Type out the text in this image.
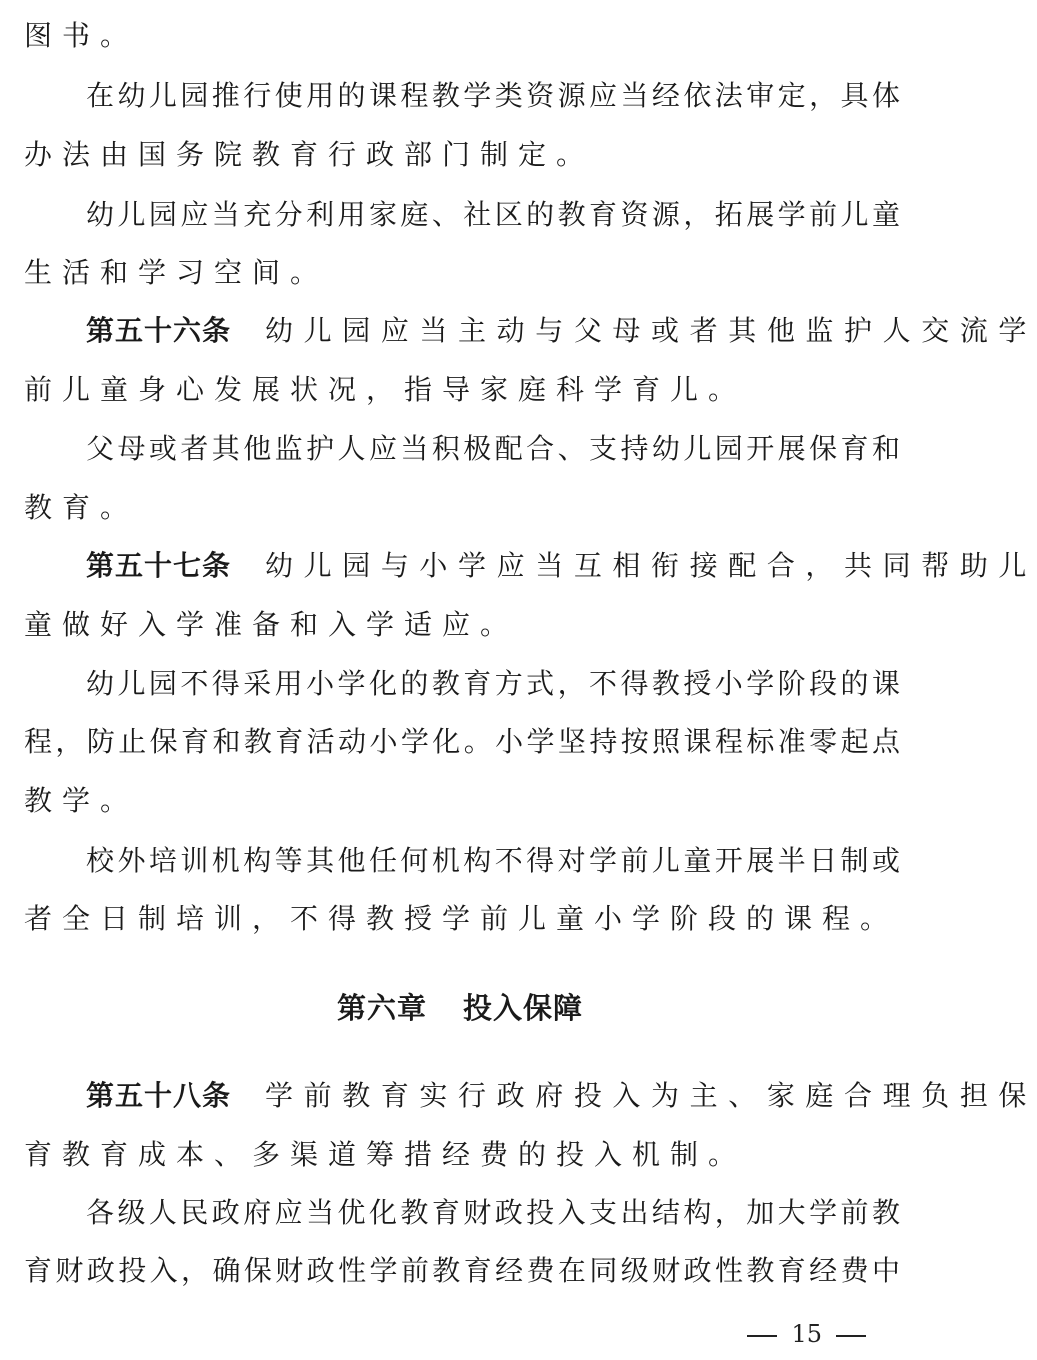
图书。
在幼儿园推行使用的课程教学类资源应当经依法审定，具体
办法由国务院教育行政部门制定。
幼儿园应当充分利用家庭、社区的教育资源，拓展学前儿童
生活和学习空间。
第五十六条 幼儿园应当主动与父母或者其他监护人交流学
前儿童身心发展状况，指导家庭科学育儿。
父母或者其他监护人应当积极配合、支持幼儿园开展保育和
教育。
第五十七条 幼儿园与小学应当互相衔接配合，共同帮助儿
童做好入学准备和入学适应。
幼儿园不得采用小学化的教育方式，不得教授小学阶段的课
程，防止保育和教育活动小学化。小学坚持按照课程标准零起点
教学。
校外培训机构等其他任何机构不得对学前儿童开展半日制或
者全日制培训，不得教授学前儿童小学阶段的课程。
第六章 投入保障
第五十八条 学前教育实行政府投入为主、家庭合理负担保
育教育成本、多渠道筹措经费的投入机制。
各级人民政府应当优化教育财政投入支出结构，加大学前教
育财政投入，确保财政性学前教育经费在同级财政性教育经费中
15
